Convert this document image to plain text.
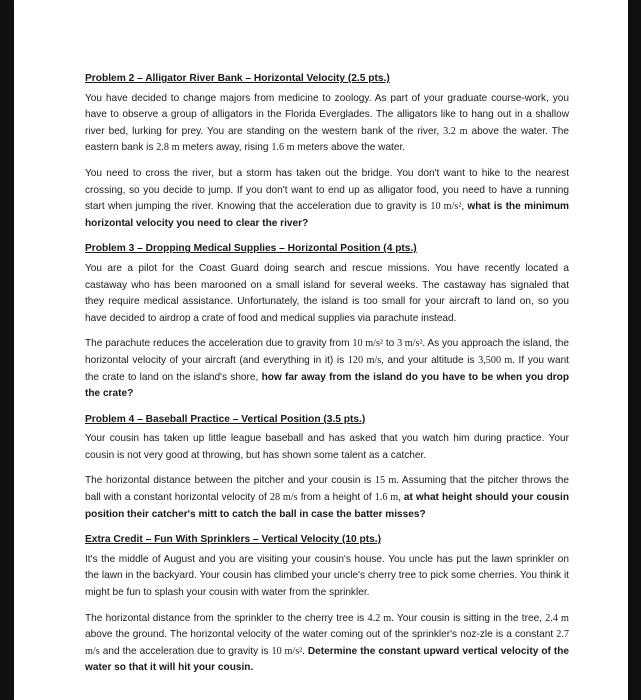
Problem 2 – Alligator River Bank – Horizontal Velocity (2.5 pts.)

You have decided to change majors from medicine to zoology. As part of your graduate course-work, you have to observe a group of alligators in the Florida Everglades. The alligators like to hang out in a shallow river bed, lurking for prey. You are standing on the western bank of the river, 3.2 m above the water. The eastern bank is 2.8 m meters away, rising 1.6 m meters above the water.

You need to cross the river, but a storm has taken out the bridge. You don't want to hike to the nearest crossing, so you decide to jump. If you don't want to end up as alligator food, you need to have a running start when jumping the river. Knowing that the acceleration due to gravity is 10 m/s², what is the minimum horizontal velocity you need to clear the river?

Problem 3 – Dropping Medical Supplies – Horizontal Position (4 pts.)

You are a pilot for the Coast Guard doing search and rescue missions. You have recently located a castaway who has been marooned on a small island for several weeks. The castaway has signaled that they require medical assistance. Unfortunately, the island is too small for your aircraft to land on, so you have decided to airdrop a crate of food and medical supplies via parachute instead.

The parachute reduces the acceleration due to gravity from 10 m/s² to 3 m/s². As you approach the island, the horizontal velocity of your aircraft (and everything in it) is 120 m/s, and your altitude is 3,500 m. If you want the crate to land on the island's shore, how far away from the island do you have to be when you drop the crate?

Problem 4 – Baseball Practice – Vertical Position (3.5 pts.)

Your cousin has taken up little league baseball and has asked that you watch him during practice. Your cousin is not very good at throwing, but has shown some talent as a catcher.

The horizontal distance between the pitcher and your cousin is 15 m. Assuming that the pitcher throws the ball with a constant horizontal velocity of 28 m/s from a height of 1.6 m, at what height should your cousin position their catcher's mitt to catch the ball in case the batter misses?

Extra Credit – Fun With Sprinklers – Vertical Velocity (10 pts.)

It's the middle of August and you are visiting your cousin's house. You uncle has put the lawn sprinkler on the lawn in the backyard. Your cousin has climbed your uncle's cherry tree to pick some cherries. You think it might be fun to splash your cousin with water from the sprinkler.

The horizontal distance from the sprinkler to the cherry tree is 4.2 m. Your cousin is sitting in the tree, 2.4 m above the ground. The horizontal velocity of the water coming out of the sprinkler's noz-zle is a constant 2.7 m/s and the acceleration due to gravity is 10 m/s². Determine the constant upward vertical velocity of the water so that it will hit your cousin.
